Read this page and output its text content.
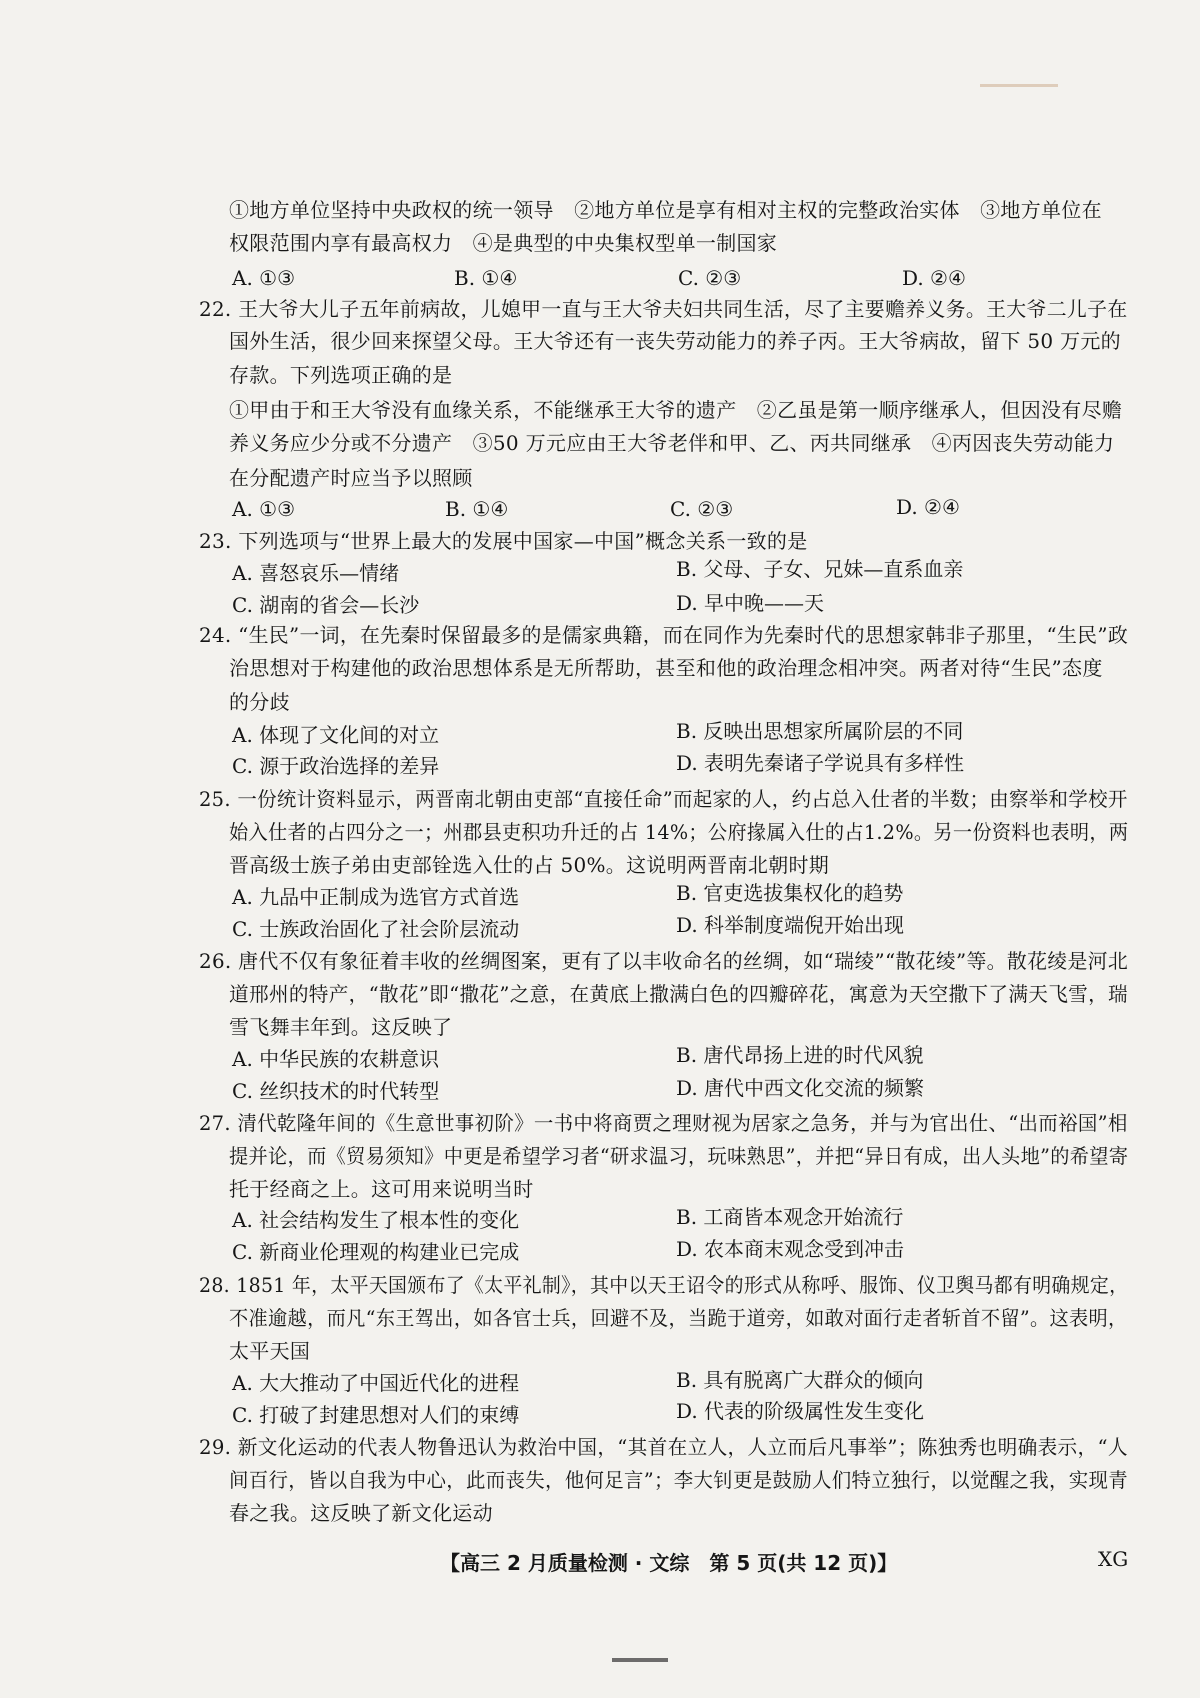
①地方单位坚持中央政权的统一领导　②地方单位是享有相对主权的完整政治实体　③地方单位在
权限范围内享有最高权力　④是典型的中央集权型单一制国家
A. ①③	B. ①④	C. ②③	D. ②④
22. 王大爷大儿子五年前病故，儿媳甲一直与王大爷夫妇共同生活，尽了主要赡养义务。王大爷二儿子在
国外生活，很少回来探望父母。王大爷还有一丧失劳动能力的养子丙。王大爷病故，留下 50 万元的
存款。下列选项正确的是
①甲由于和王大爷没有血缘关系，不能继承王大爷的遗产　②乙虽是第一顺序继承人，但因没有尽赡
养义务应少分或不分遗产　③50 万元应由王大爷老伴和甲、乙、丙共同继承　④丙因丧失劳动能力
在分配遗产时应当予以照顾
A. ①③	B. ①④	C. ②③	D. ②④
23. 下列选项与“世界上最大的发展中国家—中国”概念关系一致的是
A. 喜怒哀乐—情绪	B. 父母、子女、兄妹—直系血亲
C. 湖南的省会—长沙	D. 早中晚——天
24. “生民”一词，在先秦时保留最多的是儒家典籍，而在同作为先秦时代的思想家韩非子那里，“生民”政
治思想对于构建他的政治思想体系是无所帮助，甚至和他的政治理念相冲突。两者对待“生民”态度
的分歧
A. 体现了文化间的对立	B. 反映出思想家所属阶层的不同
C. 源于政治选择的差异	D. 表明先秦诸子学说具有多样性
25. 一份统计资料显示，两晋南北朝由吏部“直接任命”而起家的人，约占总入仕者的半数；由察举和学校开
始入仕者的占四分之一；州郡县吏积功升迁的占 14%；公府掾属入仕的占1.2%。另一份资料也表明，两
晋高级士族子弟由吏部铨选入仕的占 50%。这说明两晋南北朝时期
A. 九品中正制成为选官方式首选	B. 官吏选拔集权化的趋势
C. 士族政治固化了社会阶层流动	D. 科举制度端倪开始出现
26. 唐代不仅有象征着丰收的丝绸图案，更有了以丰收命名的丝绸，如“瑞绫”“散花绫”等。散花绫是河北
道邢州的特产，“散花”即“撒花”之意，在黄底上撒满白色的四瓣碎花，寓意为天空撒下了满天飞雪，瑞
雪飞舞丰年到。这反映了
A. 中华民族的农耕意识	B. 唐代昂扬上进的时代风貌
C. 丝织技术的时代转型	D. 唐代中西文化交流的频繁
27. 清代乾隆年间的《生意世事初阶》一书中将商贾之理财视为居家之急务，并与为官出仕、“出而裕国”相
提并论，而《贸易须知》中更是希望学习者“研求温习，玩味熟思”，并把“异日有成，出人头地”的希望寄
托于经商之上。这可用来说明当时
A. 社会结构发生了根本性的变化	B. 工商皆本观念开始流行
C. 新商业伦理观的构建业已完成	D. 农本商末观念受到冲击
28. 1851 年，太平天国颁布了《太平礼制》，其中以天王诏令的形式从称呼、服饰、仪卫舆马都有明确规定，
不准逾越，而凡“东王驾出，如各官士兵，回避不及，当跪于道旁，如敢对面行走者斩首不留”。这表明，
太平天国
A. 大大推动了中国近代化的进程	B. 具有脱离广大群众的倾向
C. 打破了封建思想对人们的束缚	D. 代表的阶级属性发生变化
29. 新文化运动的代表人物鲁迅认为救治中国，“其首在立人，人立而后凡事举”；陈独秀也明确表示，“人
间百行，皆以自我为中心，此而丧失，他何足言”；李大钊更是鼓励人们特立独行，以觉醒之我，实现青
春之我。这反映了新文化运动
【高三 2 月质量检测 · 文综　第 5 页(共 12 页)】	XG
